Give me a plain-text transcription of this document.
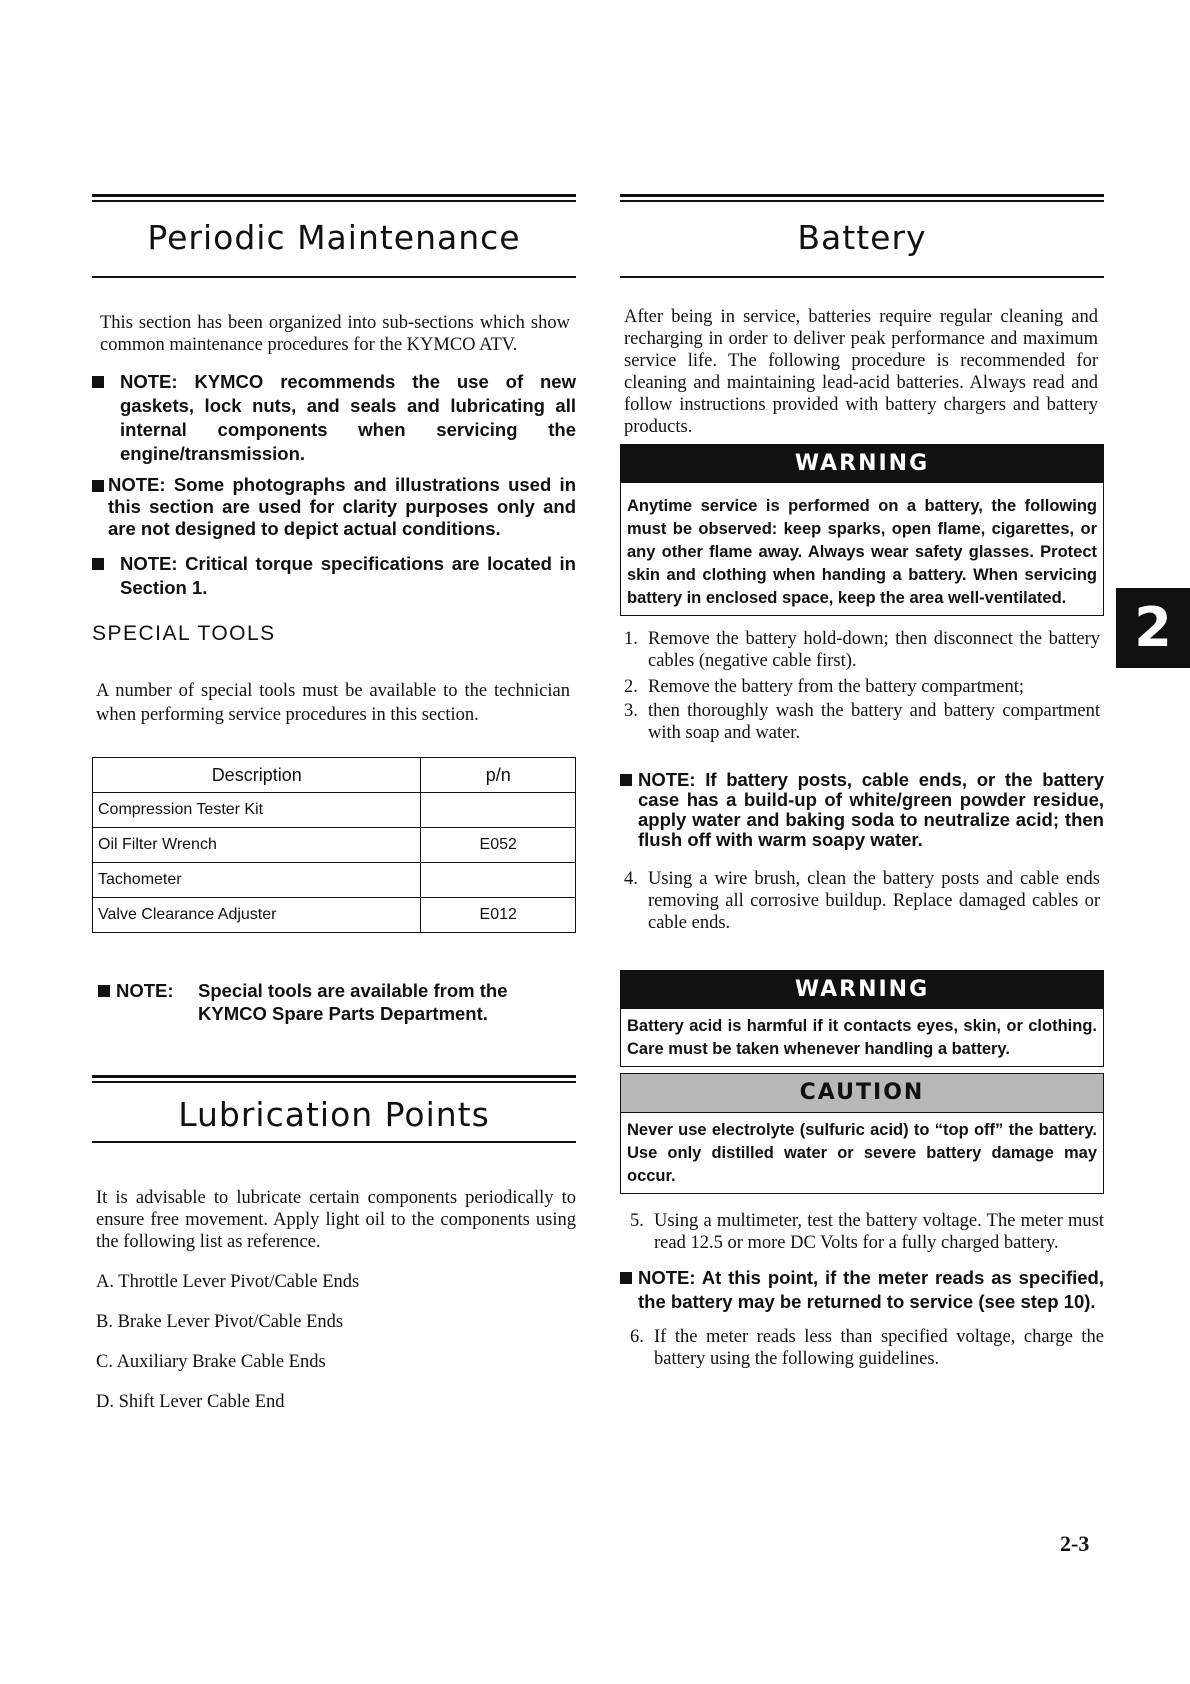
Periodic Maintenance
This section has been organized into sub-sections which show common maintenance procedures for the KYMCO ATV.
NOTE: KYMCO recommends the use of new gaskets, lock nuts, and seals and lubricating all internal components when servicing the engine/transmission.
NOTE: Some photographs and illustrations used in this section are used for clarity purposes only and are not designed to depict actual conditions.
NOTE: Critical torque specifications are located in Section 1.
SPECIAL TOOLS
A number of special tools must be available to the technician when performing service procedures in this section.
Description	p/n
Compression Tester Kit	
Oil Filter Wrench	E052
Tachometer	
Valve Clearance Adjuster	E012
NOTE:	Special tools are available from the KYMCO Spare Parts Department.
Lubrication Points
It is advisable to lubricate certain components periodically to ensure free movement. Apply light oil to the components using the following list as reference.
A. Throttle Lever Pivot/Cable Ends
B. Brake Lever Pivot/Cable Ends
C. Auxiliary Brake Cable Ends
D. Shift Lever Cable End
Battery
After being in service, batteries require regular cleaning and recharging in order to deliver peak performance and maximum service life. The following procedure is recommended for cleaning and maintaining lead-acid batteries. Always read and follow instructions provided with battery chargers and battery products.
WARNING
Anytime service is performed on a battery, the following must be observed: keep sparks, open flame, cigarettes, or any other flame away. Always wear safety glasses. Protect skin and clothing when handing a battery. When servicing battery in enclosed space, keep the area well-ventilated.
1. Remove the battery hold-down; then disconnect the battery cables (negative cable first).
2. Remove the battery from the battery compartment;
3. then thoroughly wash the battery and battery compartment with soap and water.
NOTE: If battery posts, cable ends, or the battery case has a build-up of white/green powder residue, apply water and baking soda to neutralize acid; then flush off with warm soapy water.
4. Using a wire brush, clean the battery posts and cable ends removing all corrosive buildup. Replace damaged cables or cable ends.
WARNING
Battery acid is harmful if it contacts eyes, skin, or clothing. Care must be taken whenever handling a battery.
CAUTION
Never use electrolyte (sulfuric acid) to “top off” the battery. Use only distilled water or severe battery damage may occur.
5. Using a multimeter, test the battery voltage. The meter must read 12.5 or more DC Volts for a fully charged battery.
NOTE: At this point, if the meter reads as specified, the battery may be returned to service (see step 10).
6. If the meter reads less than specified voltage, charge the battery using the following guidelines.
2
2-3
